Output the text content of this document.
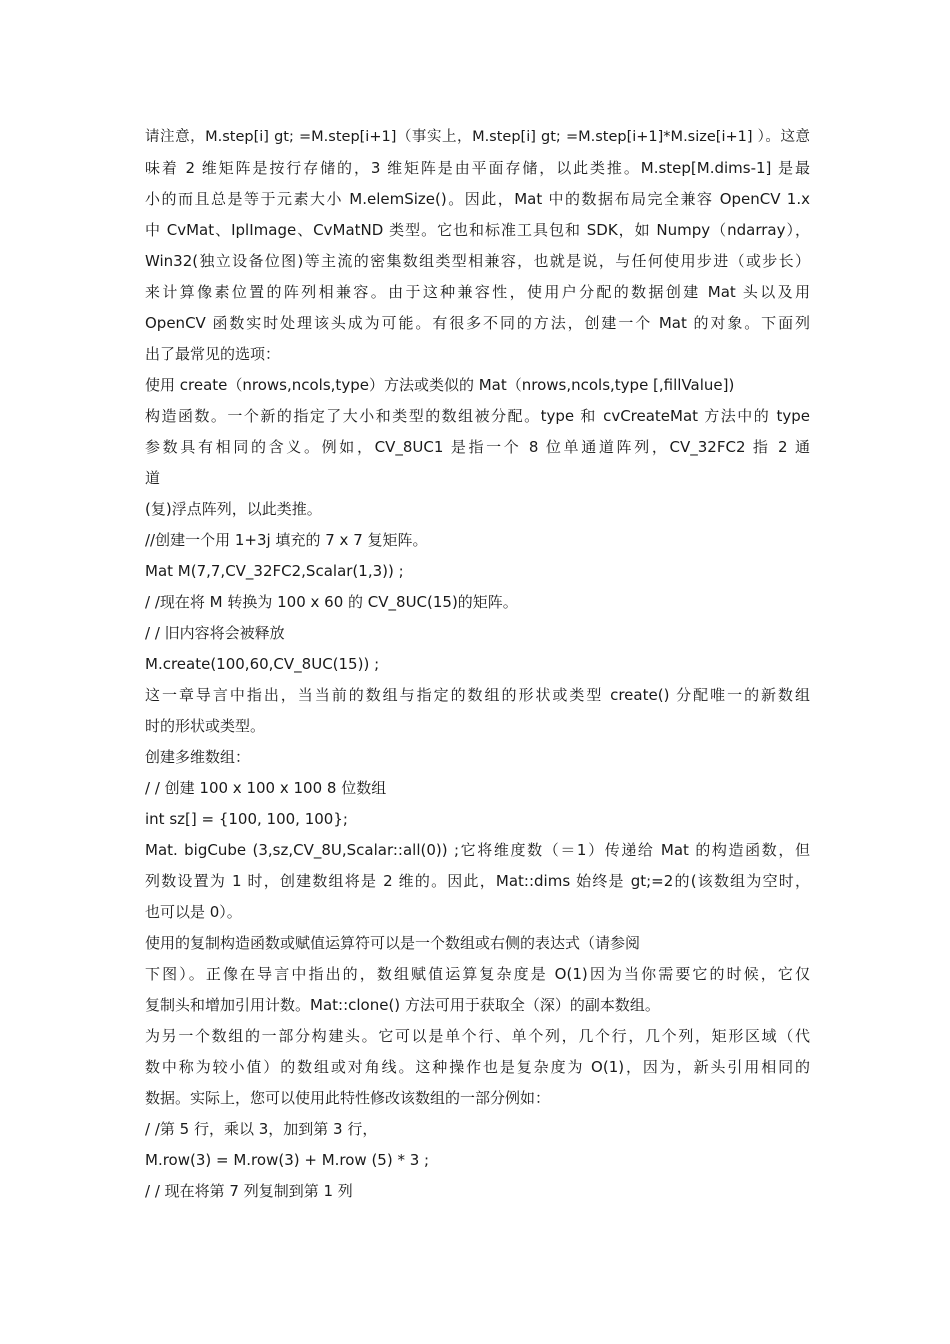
请注意，M.step[i] gt; =M.step[i+1]（事实上，M.step[i] gt; =M.step[i+1]*M.size[i+1] ）。这意
味着 2 维矩阵是按行存储的，3 维矩阵是由平面存储，以此类推。M.step[M.dims-1] 是最
小的而且总是等于元素大小 M.elemSize()。因此，Mat 中的数据布局完全兼容 OpenCV 1.x
中 CvMat、IplImage、CvMatND 类型。它也和标准工具包和 SDK，如 Numpy（ndarray），
Win32(独立设备位图)等主流的密集数组类型相兼容，也就是说，与任何使用步进（或步长）
来计算像素位置的阵列相兼容。由于这种兼容性，使用户分配的数据创建 Mat 头以及用
OpenCV 函数实时处理该头成为可能。有很多不同的方法，创建一个 Mat 的对象。下面列
出了最常见的选项：
使用 create（nrows,ncols,type）方法或类似的 Mat（nrows,ncols,type [,fillValue])
构造函数。一个新的指定了大小和类型的数组被分配。type 和 cvCreateMat 方法中的 type
参数具有相同的含义。例如，CV_8UC1 是指一个 8 位单通道阵列，CV_32FC2 指 2 通
道
(复)浮点阵列，以此类推。
//创建一个用 1+3j 填充的 7 x 7 复矩阵。
Mat M(7,7,CV_32FC2,Scalar(1,3)) ;
/ /现在将 M 转换为 100 x 60 的 CV_8UC(15)的矩阵。
/ / 旧内容将会被释放
M.create(100,60,CV_8UC(15)) ;
这一章导言中指出，当当前的数组与指定的数组的形状或类型 create() 分配唯一的新数组
时的形状或类型。
创建多维数组：
/ / 创建 100 x 100 x 100 8 位数组
int sz[] = {100, 100, 100};
Mat. bigCube (3,sz,CV_8U,Scalar::all(0)) ;它将维度数（＝1）传递给 Mat 的构造函数，但
列数设置为 1 时，创建数组将是 2 维的。因此，Mat::dims 始终是 gt;=2的(该数组为空时，
也可以是 0）。
使用的复制构造函数或赋值运算符可以是一个数组或右侧的表达式（请参阅
下图）。正像在导言中指出的，数组赋值运算复杂度是 O(1)因为当你需要它的时候，它仅
复制头和增加引用计数。Mat::clone() 方法可用于获取全（深）的副本数组。
为另一个数组的一部分构建头。它可以是单个行、单个列，几个行，几个列，矩形区域（代
数中称为较小值）的数组或对角线。这种操作也是复杂度为 O(1)，因为，新头引用相同的
数据。实际上，您可以使用此特性修改该数组的一部分例如：
/ /第 5 行，乘以 3，加到第 3 行，
M.row(3) = M.row(3) + M.row (5) * 3 ;
/ / 现在将第 7 列复制到第 1 列
